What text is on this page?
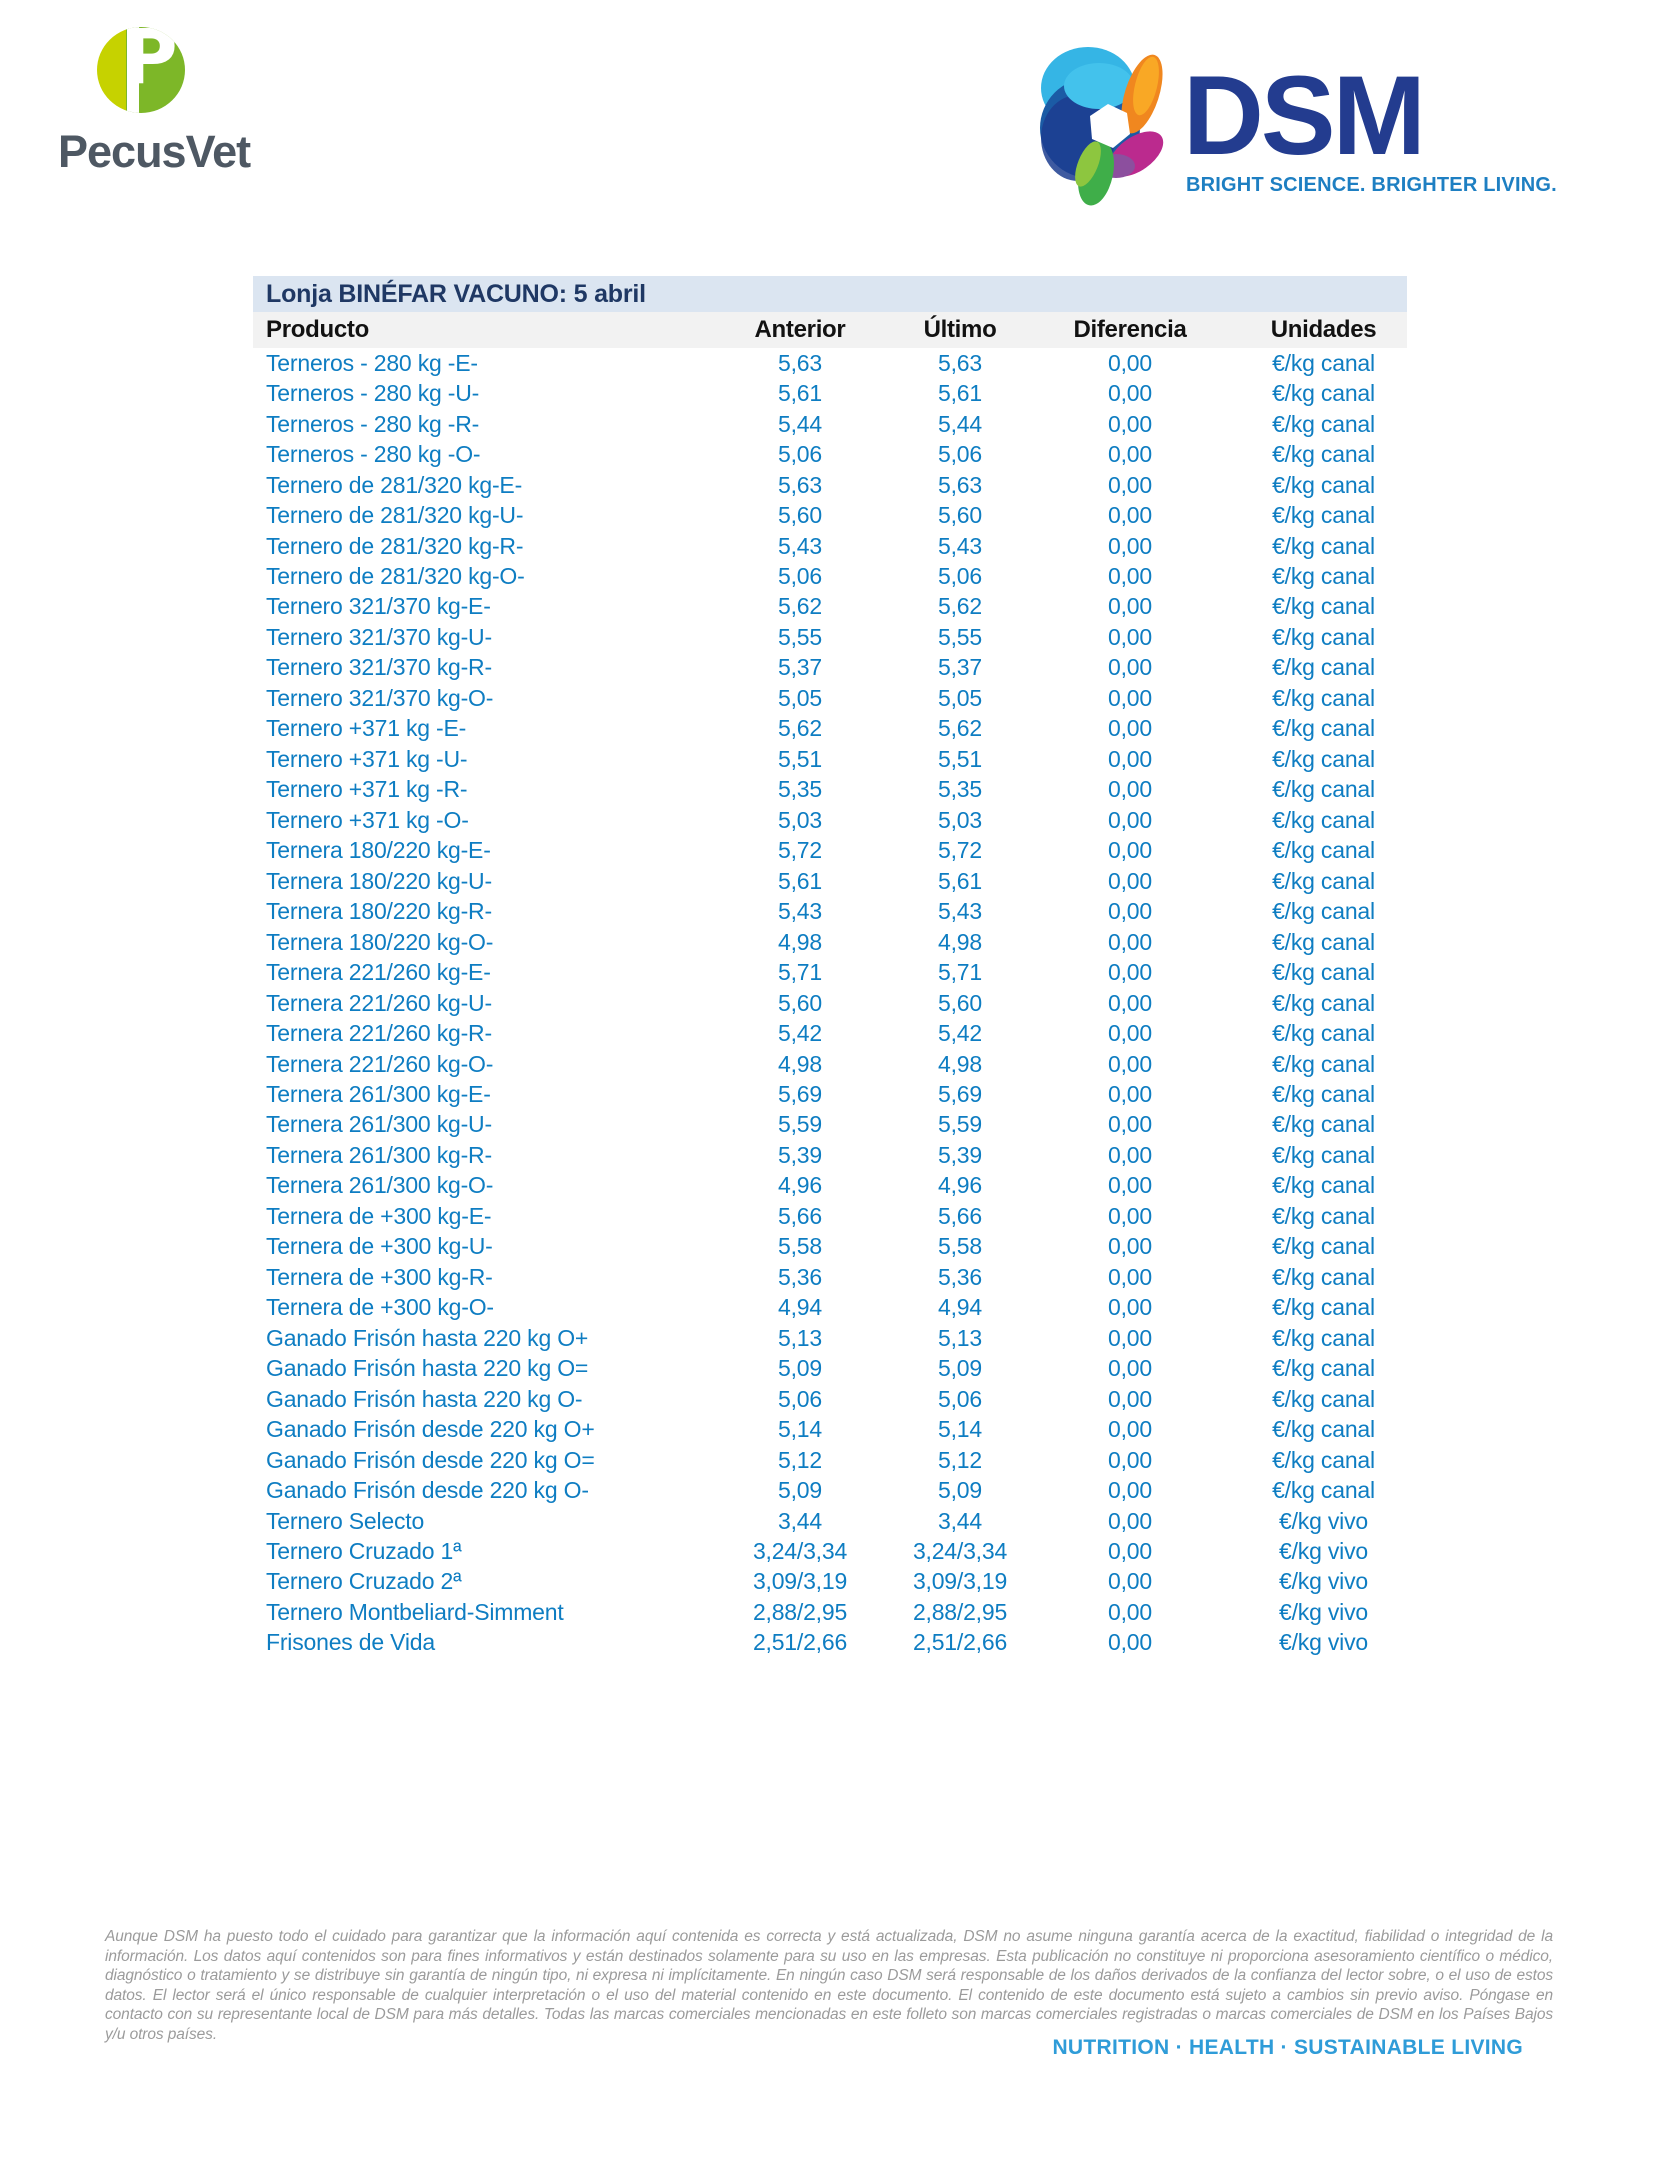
P
PecusVet	DSM
BRIGHT SCIENCE. BRIGHTER LIVING.
Lonja BINÉFAR VACUNO: 5 abril
Producto	Anterior	Último	Diferencia	Unidades
Terneros - 280 kg -E-	5,63	5,63	0,00	€/kg canal
Terneros - 280 kg -U-	5,61	5,61	0,00	€/kg canal
Terneros - 280 kg -R-	5,44	5,44	0,00	€/kg canal
Terneros - 280 kg -O-	5,06	5,06	0,00	€/kg canal
Ternero de 281/320 kg-E-	5,63	5,63	0,00	€/kg canal
Ternero de 281/320 kg-U-	5,60	5,60	0,00	€/kg canal
Ternero de 281/320 kg-R-	5,43	5,43	0,00	€/kg canal
Ternero de 281/320 kg-O-	5,06	5,06	0,00	€/kg canal
Ternero 321/370 kg-E-	5,62	5,62	0,00	€/kg canal
Ternero 321/370 kg-U-	5,55	5,55	0,00	€/kg canal
Ternero 321/370 kg-R-	5,37	5,37	0,00	€/kg canal
Ternero 321/370 kg-O-	5,05	5,05	0,00	€/kg canal
Ternero +371 kg -E-	5,62	5,62	0,00	€/kg canal
Ternero +371 kg -U-	5,51	5,51	0,00	€/kg canal
Ternero +371 kg -R-	5,35	5,35	0,00	€/kg canal
Ternero +371 kg -O-	5,03	5,03	0,00	€/kg canal
Ternera 180/220 kg-E-	5,72	5,72	0,00	€/kg canal
Ternera 180/220 kg-U-	5,61	5,61	0,00	€/kg canal
Ternera 180/220 kg-R-	5,43	5,43	0,00	€/kg canal
Ternera 180/220 kg-O-	4,98	4,98	0,00	€/kg canal
Ternera 221/260 kg-E-	5,71	5,71	0,00	€/kg canal
Ternera 221/260 kg-U-	5,60	5,60	0,00	€/kg canal
Ternera 221/260 kg-R-	5,42	5,42	0,00	€/kg canal
Ternera 221/260 kg-O-	4,98	4,98	0,00	€/kg canal
Ternera 261/300 kg-E-	5,69	5,69	0,00	€/kg canal
Ternera 261/300 kg-U-	5,59	5,59	0,00	€/kg canal
Ternera 261/300 kg-R-	5,39	5,39	0,00	€/kg canal
Ternera 261/300 kg-O-	4,96	4,96	0,00	€/kg canal
Ternera de +300 kg-E-	5,66	5,66	0,00	€/kg canal
Ternera de +300 kg-U-	5,58	5,58	0,00	€/kg canal
Ternera de +300 kg-R-	5,36	5,36	0,00	€/kg canal
Ternera de +300 kg-O-	4,94	4,94	0,00	€/kg canal
Ganado Frisón hasta 220 kg O+	5,13	5,13	0,00	€/kg canal
Ganado Frisón hasta 220 kg O=	5,09	5,09	0,00	€/kg canal
Ganado Frisón hasta 220 kg O-	5,06	5,06	0,00	€/kg canal
Ganado Frisón desde 220 kg O+	5,14	5,14	0,00	€/kg canal
Ganado Frisón desde 220 kg O=	5,12	5,12	0,00	€/kg canal
Ganado Frisón desde 220 kg O-	5,09	5,09	0,00	€/kg canal
Ternero Selecto	3,44	3,44	0,00	€/kg vivo
Ternero Cruzado 1ª	3,24/3,34	3,24/3,34	0,00	€/kg vivo
Ternero Cruzado 2ª	3,09/3,19	3,09/3,19	0,00	€/kg vivo
Ternero Montbeliard-Simment	2,88/2,95	2,88/2,95	0,00	€/kg vivo
Frisones de Vida	2,51/2,66	2,51/2,66	0,00	€/kg vivo
Aunque DSM ha puesto todo el cuidado para garantizar que la información aquí contenida es correcta y está actualizada, DSM no asume ninguna garantía acerca de la exactitud, fiabilidad o integridad de la información. Los datos aquí contenidos son para fines informativos y están destinados solamente para su uso en las empresas. Esta publicación no constituye ni proporciona asesoramiento científico o médico, diagnóstico o tratamiento y se distribuye sin garantía de ningún tipo, ni expresa ni implícitamente. En ningún caso DSM será responsable de los daños derivados de la confianza del lector sobre, o el uso de estos datos. El lector será el único responsable de cualquier interpretación o el uso del material contenido en este documento. El contenido de este documento está sujeto a cambios sin previo aviso. Póngase en contacto con su representante local de DSM para más detalles. Todas las marcas comerciales mencionadas en este folleto son marcas comerciales registradas o marcas comerciales de DSM en los Países Bajos y/u otros países.
NUTRITION · HEALTH · SUSTAINABLE LIVING
